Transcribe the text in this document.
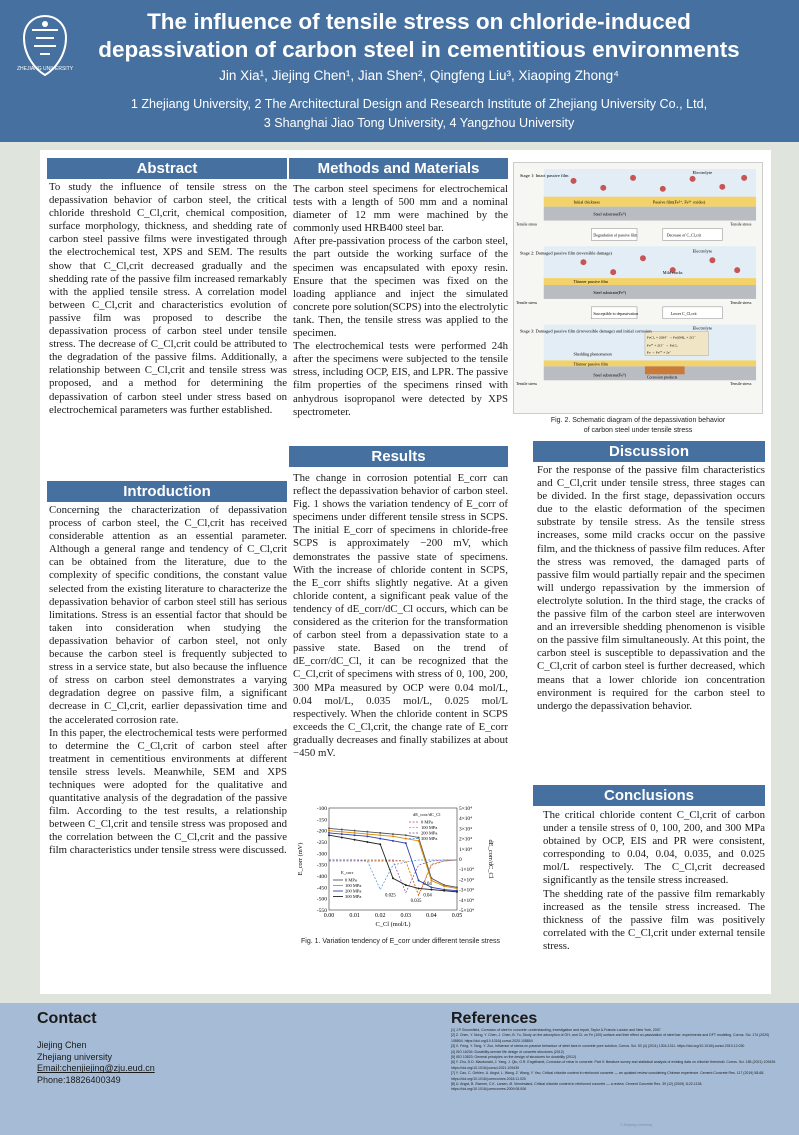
ZHEJIANG UNIVERSITY
The influence of tensile stress on chloride-induced depassivation of carbon steel in cementitious environments
Jin Xia¹, Jiejing Chen¹, Jian Shen², Qingfeng Liu³, Xiaoping Zhong⁴
1 Zhejiang University, 2 The Architectural Design and Research Institute of Zhejiang University Co., Ltd,
3 Shanghai Jiao Tong University, 4 Yangzhou University
Abstract
To study the influence of tensile stress on the depassivation behavior of carbon steel, the critical chloride threshold C_Cl,crit, chemical composition, surface morphology, thickness, and shedding rate of carbon steel passive films were investigated through the electrochemical test, XPS and SEM. The results show that C_Cl,crit decreased gradually and the shedding rate of the passive film increased remarkably with the applied tensile stress. A correlation model between C_Cl,crit and characteristics evolution of passive film was proposed to describe the depassivation process of carbon steel under tensile stress. The decrease of C_Cl,crit could be attributed to the degradation of the passive films. Additionally, a relationship between C_Cl,crit and tensile stress was proposed, and a method for determining the depassivation of carbon steel under stress based on electrochemical parameters was further established.
Introduction

Concerning the characterization of depassivation process of carbon steel, the C_Cl,crit has received considerable attention as an essential parameter. Although a general range and tendency of C_Cl,crit can be obtained from the literature, due to the complexity of specific conditions, the constant value selected from the existing literature to characterize the depassivation behavior of carbon steel still has serious limitations. Stress is an essential factor that should be taken into consideration when studying the depassivation behavior of carbon steel, not only because the carbon steel is frequently subjected to stress in a service state, but also because the influence of stress on carbon steel demonstrates a varying degradation degree on passive film, a significant decrease in C_Cl,crit, earlier depassivation time and the accelerated corrosion rate.

In this paper, the electrochemical tests were performed to determine the C_Cl,crit of carbon steel after treatment in cementitious environments at different tensile stress levels. Meanwhile, SEM and XPS techniques were adopted for the qualitative and quantitative analysis of the degradation of the passive film. According to the test results, a relationship between C_Cl,crit and tensile stress was proposed and the correlation between the C_Cl,crit and the passive film characteristics under tensile stress were discussed.

Methods and Materials

The carbon steel specimens for electrochemical tests with a length of 500 mm and a nominal diameter of 12 mm were machined by the commonly used HRB400 steel bar.

After pre-passivation process of the carbon steel, the part outside the working surface of the specimen was encapsulated with epoxy resin. Ensure that the specimen was fixed on the loading appliance and inject the simulated concrete pore solution(SCPS) into the electrolytic tank. Then, the tensile stress was applied to the specimen.

The electrochemical tests were performed 24h after the specimens were subjected to the tensile stress, including OCP, EIS, and LPR. The passive film properties of the specimens rinsed with anhydrous isopropanol were detected by XPS spectrometer.

Results
The change in corrosion potential E_corr can reflect the depassivation behavior of carbon steel. Fig. 1 shows the variation tendency of E_corr of specimens under different tensile stress in SCPS. The initial E_corr of specimens in chloride-free SCPS is approximately −200 mV, which demonstrates the passive state of specimens. With the increase of chloride content in SCPS, the E_corr shifts slightly negative. At a given chloride content, a significant peak value of the tendency of dE_corr/dC_Cl occurs, which can be considered as the criterion for the transformation of carbon steel from a depassivation state to a passive state. Based on the trend of dE_corr/dC_Cl, it can be recognized that the C_Cl,crit of specimens with stress of 0, 100, 200, 300 MPa measured by OCP were 0.04 mol/L, 0.04 mol/L, 0.035 mol/L, 0.025 mol/L respectively. When the chloride content in SCPS exceeds the C_Cl,crit, the change rate of E_corr gradually decreases and finally stabilizes at about −450 mV.
0.00	0.01	0.02	0.03	0.04	0.05
-100
-150
-200
-250
-300
-350
-400
-450
-500
-550
5×10⁴
4×10⁴
3×10⁴
2×10⁴
1×10⁴
0
-1×10⁴
-2×10⁴
-3×10⁴
-4×10⁴
-5×10⁴
C_Cl (mol/L)
E_corr (mV)	dE_corr/dC_Cl
dE_corr/dC_Cl
0 MPa
100 MPa
200 MPa
300 MPa
E_corr
0 MPa
100 MPa
200 MPa
300 MPa	0.025
0.035
0.04
0.04
Fig. 1. Variation tendency of E_corr under different tensile stress
Stage 1: Intact passive film
Electrolyte
Initial thickness	Passive film(Fe²⁺, Fe³⁺ oxides)
Steel substrate(Fe⁰)
Tensile stress	Tensile stress
Degradation of passive film	Decrease of C_Cl,crit
Stage 2: Damaged passive film (reversible damage)	Electrolyte
Mild cracks
Thinner passive film
Steel substrate(Fe⁰)
Tensile stress	Tensile stress
Susceptible to depassivation	Lower C_Cl,crit
Stage 3: Damaged passive film (irreversible damage) and initial corrosion
Electrolyte
FeCl₂ + 2OH⁻ → Fe(OH)₂ + 2Cl⁻
Fe²⁺ + 2Cl⁻ → FeCl₂
Fe → Fe²⁺ + 2e⁻
Shedding phenomenon
Thinner passive film
Steel substrate(Fe⁰)	Corrosion products
Tensile stress	Tensile stress
Fig. 2. Schematic diagram of the depassivation behavior
of carbon steel under tensile stress
Discussion
For the response of the passive film characteristics and C_Cl,crit under tensile stress, three stages can be divided. In the first stage, depassivation occurs due to the elastic deformation of the specimen substrate by tensile stress. As the tensile stress increases, some mild cracks occur on the passive film, and the thickness of passive film reduces. After the stress was removed, the damaged parts of passive film would partially repair and the specimen will undergo repassivation by the immersion of electrolyte solution. In the third stage, the cracks of the passive film of the carbon steel are interwoven and an irreversible shedding phenomenon is visible on the passive film simultaneously. At this point, the carbon steel is susceptible to depassivation and the C_Cl,crit of carbon steel is further decreased, which means that a lower chloride ion concentration environment is required for the carbon steel to undergo the depassivation behavior.
Conclusions

The critical chloride content C_Cl,crit of carbon under a tensile stress of 0, 100, 200, and 300 MPa obtained by OCP, EIS and PR were consistent, corresponding to 0.04, 0.04, 0.035, and 0.025 mol/L respectively. The C_Cl,crit decreased significantly as the tensile stress increased.

The shedding rate of the passive film remarkably increased as the tensile stress increased. The thickness of the passive film was positively correlated with the C_Cl,crit under external tensile stress.

Contact
Jiejing Chen
Zhejiang university
Email:chenjiejing@zju.eud.cn
Phone:18826400349
References
[1] J.P. Broomfield, Corrosion of steel in concrete: understanding, investigation and repair, Taylor & Francis London and New York, 2007
[2] Z. Chen, Y. Nong, Y. Chen, J. Chen, B. Yu, Study on the adsorption of OH- and Cl- on Fe (100) surface and their effect on passivation of steel bar: experiments and DFT modeling. Corros. Sci. 174 (2020) 108804. https://doi.org/10.1016/j.corsci.2020.108804
[3] X. Feng, Y. Tang, Y. Zuo, Influence of stress on passive behaviour of steel bars in concrete pore solution, Corros. Sci. 53 (4) (2011) 1304-1311. https://doi.org/10.1016/j.corsci.2010.12.030
[4] ISO 16204: Durability-service life design of concrete structures (2012)
[5] ISO 13823: General principles on the design of structures for durability (2012)
[6] Y. Zhu, D.D. Macdonald, J. Yang, J. Qiu, G.R. Engelhardt, Corrosion of rebar in concrete. Part II: literature survey and statistical analysis of existing data on chloride threshold. Corros. Sci. 185 (2021) 109439. https://doi.org/10.1016/j.corsci.2021.109439
[7] Y. Cao, C. Gehlen, U. Angst, L. Wang, Z. Wang, Y. Yao, Critical chloride content in reinforced concrete — an updated review considering Chinese experience. Cement Concrete Res. 117 (2019) 58-68. https://doi.org/10.1016/j.cemconres.2018.11.020
[8] U. Angst, B. Elsener, C.K. Larsen, Ø. Vennesland, Critical chloride content in reinforced concrete — a review. Cement Concrete Res. 39 (12) (2009) 1122-1138. https://doi.org/10.1016/j.cemconres.2009.08.006
© Zhejiang University
